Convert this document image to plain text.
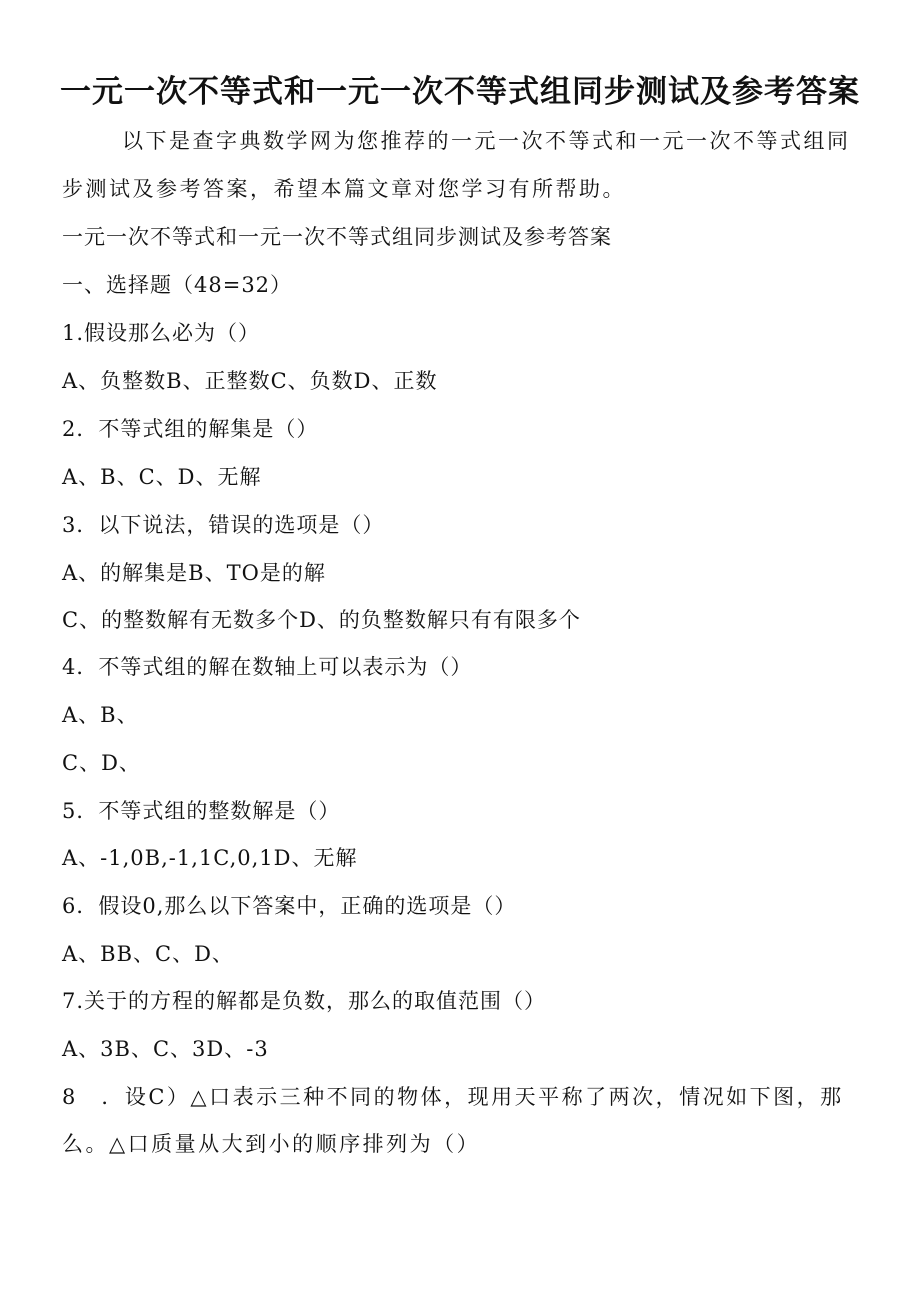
一元一次不等式和一元一次不等式组同步测试及参考答案
以下是查字典数学网为您推荐的一元一次不等式和一元一次不等式组同
步测试及参考答案，希望本篇文章对您学习有所帮助。
一元一次不等式和一元一次不等式组同步测试及参考答案
一、选择题（48=32）
1.假设那么必为（）
A、负整数B、正整数C、负数D、正数
2．不等式组的解集是（）
A、B、C、D、无解
3．以下说法，错误的选项是（）
A、的解集是B、TO是的解
C、的整数解有无数多个D、的负整数解只有有限多个
4．不等式组的解在数轴上可以表示为（）
A、B、
C、D、
5．不等式组的整数解是（）
A、-1,0B,-1,1C,0,1D、无解
6．假设0,那么以下答案中，正确的选项是（）
A、BB、C、D、
7.关于的方程的解都是负数，那么的取值范围（）
A、3B、C、3D、-3
8　．设C）△口表示三种不同的物体，现用天平称了两次，情况如下图，那
么。△口质量从大到小的顺序排列为（）
